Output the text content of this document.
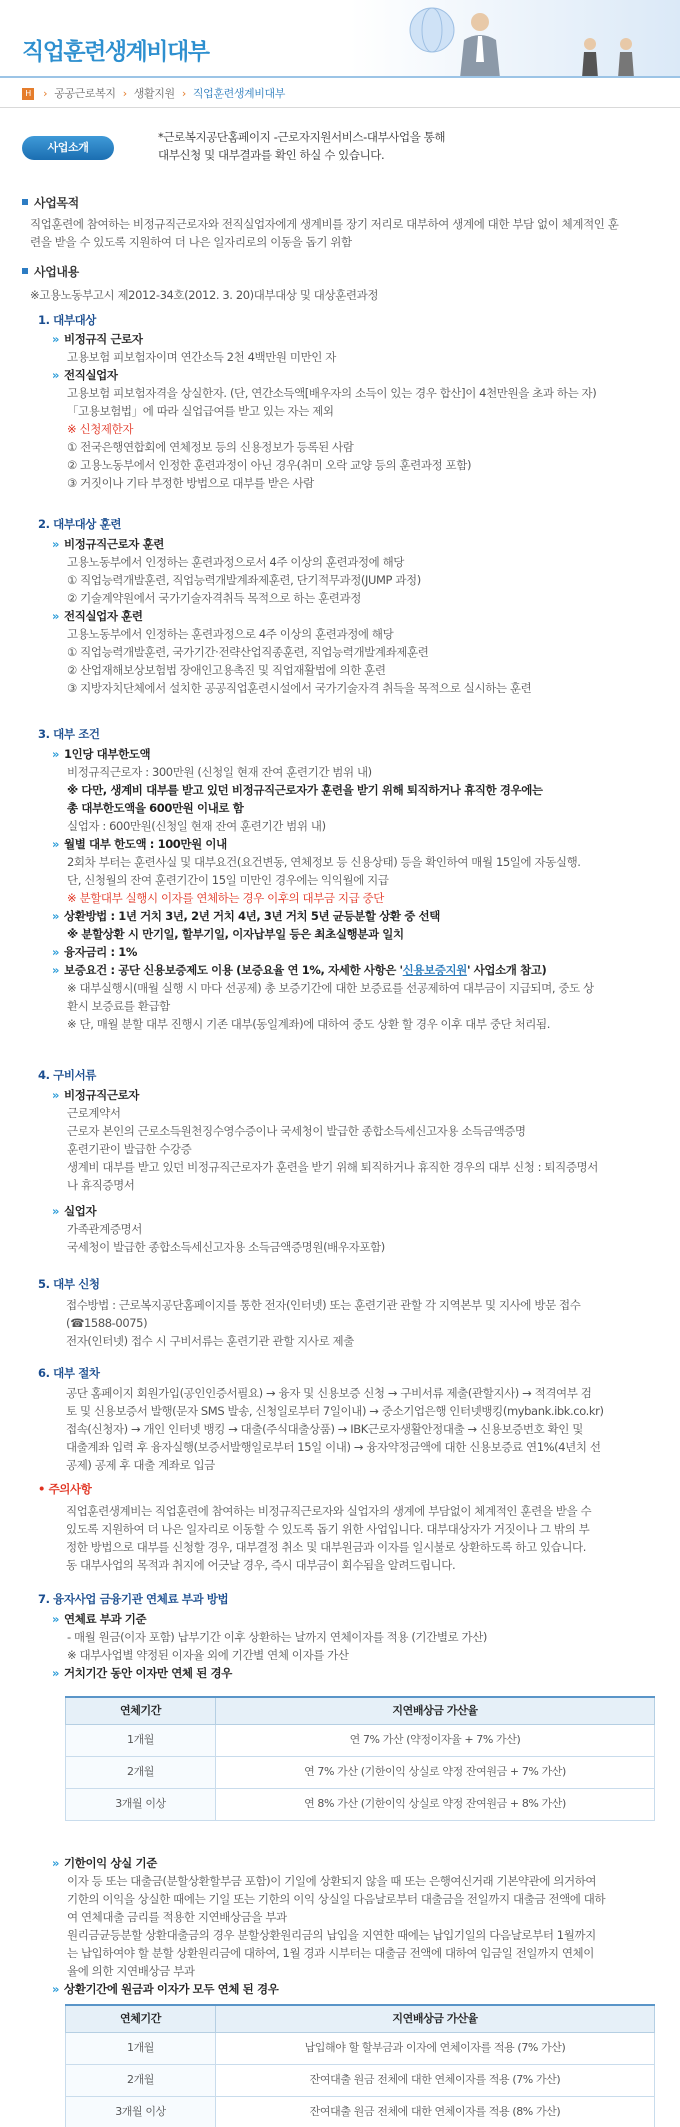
직업훈련생계비대부
H › 공공근로복지 › 생활지원 › 직업훈련생계비대부
사업소개
*근로복지공단홈페이지 -근로자지원서비스-대부사업을 통해
대부신청 및 대부결과를 확인 하실 수 있습니다.
사업목적
직업훈련에 참여하는 비정규직근로자와 전직실업자에게 생계비를 장기 저리로 대부하여 생계에 대한 부담 없이 체계적인 훈
련을 받을 수 있도록 지원하여 더 나은 일자리로의 이동을 돕기 위함
사업내용
※고용노동부고시 제2012-34호(2012. 3. 20)대부대상 및 대상훈련과정
1. 대부대상
» 비정규직 근로자
고용보험 피보험자이며 연간소득 2천 4백만원 미만인 자
» 전직실업자
고용보험 피보험자격을 상실한자. (단, 연간소득액[배우자의 소득이 있는 경우 합산]이 4천만원을 초과 하는 자)
「고용보험법」에 따라 실업급여를 받고 있는 자는 제외
※ 신청제한자
① 전국은행연합회에 연체정보 등의 신용정보가 등록된 사람
② 고용노동부에서 인정한 훈련과정이 아닌 경우(취미 오락 교양 등의 훈련과정 포함)
③ 거짓이나 기타 부정한 방법으로 대부를 받은 사람
2. 대부대상 훈련
» 비정규직근로자 훈련
고용노동부에서 인정하는 훈련과정으로서 4주 이상의 훈련과정에 해당
① 직업능력개발훈련, 직업능력개발계좌제훈련, 단기적무과정(JUMP 과정)
② 기술계약원에서 국가기술자격취득 목적으로 하는 훈련과정
» 전직실업자 훈련
고용노동부에서 인정하는 훈련과정으로 4주 이상의 훈련과정에 해당
① 직업능력개발훈련, 국가기간·전략산업직종훈련, 직업능력개발계좌제훈련
② 산업재해보상보험법 장애인고용촉진 및 직업재활법에 의한 훈련
③ 지방자치단체에서 설치한 공공직업훈련시설에서 국가기술자격 취득을 목적으로 실시하는 훈련
3. 대부 조건
» 1인당 대부한도액
비정규직근로자 : 300만원 (신청일 현재 잔여 훈련기간 범위 내)
※ 다만, 생계비 대부를 받고 있던 비정규직근로자가 훈련을 받기 위해 퇴직하거나 휴직한 경우에는
총 대부한도액을 600만원 이내로 함
실업자 : 600만원(신청일 현재 잔여 훈련기간 범위 내)
» 월별 대부 한도액 : 100만원 이내
2회차 부터는 훈련사실 및 대부요건(요건변동, 연체정보 등 신용상태) 등을 확인하여 매월 15일에 자동실행.
단, 신청월의 잔여 훈련기간이 15일 미만인 경우에는 익익월에 지급
※ 분할대부 실행시 이자를 연체하는 경우 이후의 대부금 지급 중단
» 상환방법 : 1년 거치 3년, 2년 거치 4년, 3년 거치 5년 균등분할 상환 중 선택
※ 분할상환 시 만기일, 할부기일, 이자납부일 등은 최초실행분과 일치
» 융자금리 : 1%
» 보증요건 : 공단 신용보증제도 이용 (보증요율 연 1%, 자세한 사항은 '신용보증지원' 사업소개 참고)
※ 대부실행시(매월 실행 시 마다 선공제) 총 보증기간에 대한 보증료를 선공제하여 대부금이 지급되며, 중도 상
환시 보증료를 환급함
※ 단, 매월 분할 대부 진행시 기존 대부(동일계좌)에 대하여 중도 상환 할 경우 이후 대부 중단 처리됨.
4. 구비서류
» 비정규직근로자
근로계약서
근로자 본인의 근로소득원천징수영수증이나 국세청이 발급한 종합소득세신고자용 소득금액증명
훈련기관이 발급한 수강증
생계비 대부를 받고 있던 비정규직근로자가 훈련을 받기 위해 퇴직하거나 휴직한 경우의 대부 신청 : 퇴직증명서
나 휴직증명서
» 실업자
가족관계증명서
국세청이 발급한 종합소득세신고자용 소득금액증명원(배우자포함)
5. 대부 신청
접수방법 : 근로복지공단홈페이지를 통한 전자(인터넷) 또는 훈련기관 관할 각 지역본부 및 지사에 방문 접수
(☎1588-0075)
전자(인터넷) 접수 시 구비서류는 훈련기관 관할 지사로 제출
6. 대부 절차
공단 홈페이지 회원가입(공인인증서필요) → 융자 및 신용보증 신청 → 구비서류 제출(관할지사) → 적격여부 검
토 및 신용보증서 발행(문자 SMS 발송, 신청일로부터 7일이내) → 중소기업은행 인터넷뱅킹(mybank.ibk.co.kr)
접속(신청자) → 개인 인터넷 뱅킹 → 대출(주식대출상품) → IBK근로자생활안정대출 → 신용보증번호 확인 및
대출계좌 입력 후 융자실행(보증서발행일로부터 15일 이내) → 융자약정금액에 대한 신용보증료 연1%(4년치 선
공제) 공제 후 대출 계좌로 입금
• 주의사항
직업훈련생계비는 직업훈련에 참여하는 비정규직근로자와 실업자의 생계에 부담없이 체계적인 훈련을 받을 수
있도록 지원하여 더 나은 일자리로 이동할 수 있도록 돕기 위한 사업입니다. 대부대상자가 거짓이나 그 밖의 부
정한 방법으로 대부를 신청할 경우, 대부결정 취소 및 대부원금과 이자를 일시불로 상환하도록 하고 있습니다.
동 대부사업의 목적과 취지에 어긋날 경우, 즉시 대부금이 회수됨을 알려드립니다.
7. 융자사업 금융기관 연체료 부과 방법
» 연체료 부과 기준
- 매월 원금(이자 포함) 납부기간 이후 상환하는 날까지 연체이자를 적용 (기간별로 가산)
※ 대부사업별 약정된 이자율 외에 기간별 연체 이자를 가산
» 거치기간 동안 이자만 연체 된 경우
연체기간	지연배상금 가산율
1개월	연 7% 가산 (약정이자율 + 7% 가산)
2개월	연 7% 가산 (기한이익 상실로 약정 잔여원금 + 7% 가산)
3개월 이상	연 8% 가산 (기한이익 상실로 약정 잔여원금 + 8% 가산)
» 기한이익 상실 기준
이자 등 또는 대출금(분할상환할부금 포함)이 기일에 상환되지 않을 때 또는 은행여신거래 기본약관에 의거하여
기한의 이익을 상실한 때에는 기일 또는 기한의 이익 상실일 다음날로부터 대출금을 전일까지 대출금 전액에 대하
여 연체대출 금리를 적용한 지연배상금을 부과
원리금균등분할 상환대출금의 경우 분할상환원리금의 납입을 지연한 때에는 납입기일의 다음날로부터 1월까지
는 납입하여야 할 분할 상환원리금에 대하여, 1월 경과 시부터는 대출금 전액에 대하여 입금일 전일까지 연체이
율에 의한 지연배상금 부과
» 상환기간에 원금과 이자가 모두 연체 된 경우
연체기간	지연배상금 가산율
1개월	납입해야 할 할부금과 이자에 연체이자를 적용 (7% 가산)
2개월	잔여대출 원금 전체에 대한 연체이자를 적용 (7% 가산)
3개월 이상	잔여대출 원금 전체에 대한 연체이자를 적용 (8% 가산)
